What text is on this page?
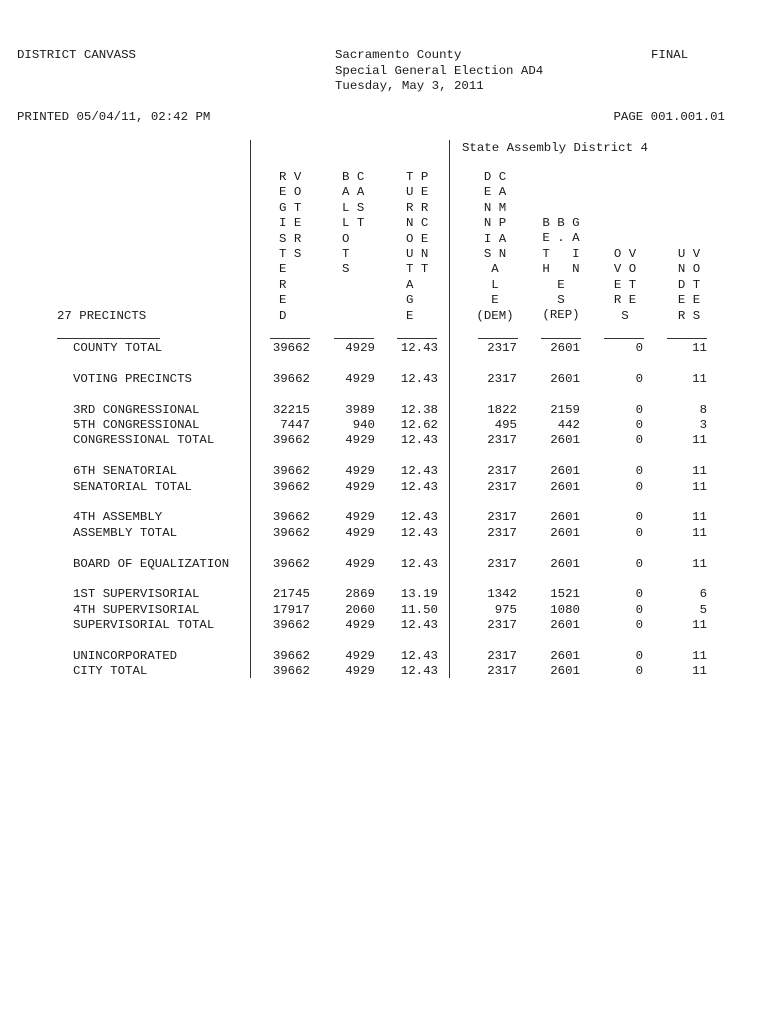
DISTRICT CANVASS	Sacramento County
Special General Election AD4
Tuesday, May 3, 2011
FINAL
PRINTED 05/04/11, 02:42 PM	PAGE 001.001.01
State Assembly District 4
R V
E O
G T
I E
S R
T S
E
R
E
D
B C
A A
L S
L T
O
T
S
T P
U E
R R
N C
O E
U N
T T
A
G
E
D C
E A
N M
N P
I A
S N
A
L
E
(DEM)
B B G
E . A
T   I
H   N
E
S
(REP)
O V
V O
E T
R E
S
U V
N O
D T
E E
R S
27 PRECINCTS
COUNTY TOTAL	39662	4929	12.43	2317	2601	0	11
VOTING PRECINCTS	39662	4929	12.43	2317	2601	0	11
3RD CONGRESSIONAL	32215	3989	12.38	1822	2159	0	8
5TH CONGRESSIONAL	7447	940	12.62	495	442	0	3
CONGRESSIONAL TOTAL	39662	4929	12.43	2317	2601	0	11
6TH SENATORIAL	39662	4929	12.43	2317	2601	0	11
SENATORIAL TOTAL	39662	4929	12.43	2317	2601	0	11
4TH ASSEMBLY	39662	4929	12.43	2317	2601	0	11
ASSEMBLY TOTAL	39662	4929	12.43	2317	2601	0	11
BOARD OF EQUALIZATION	39662	4929	12.43	2317	2601	0	11
1ST SUPERVISORIAL	21745	2869	13.19	1342	1521	0	6
4TH SUPERVISORIAL	17917	2060	11.50	975	1080	0	5
SUPERVISORIAL TOTAL	39662	4929	12.43	2317	2601	0	11
UNINCORPORATED	39662	4929	12.43	2317	2601	0	11
CITY TOTAL	39662	4929	12.43	2317	2601	0	11
